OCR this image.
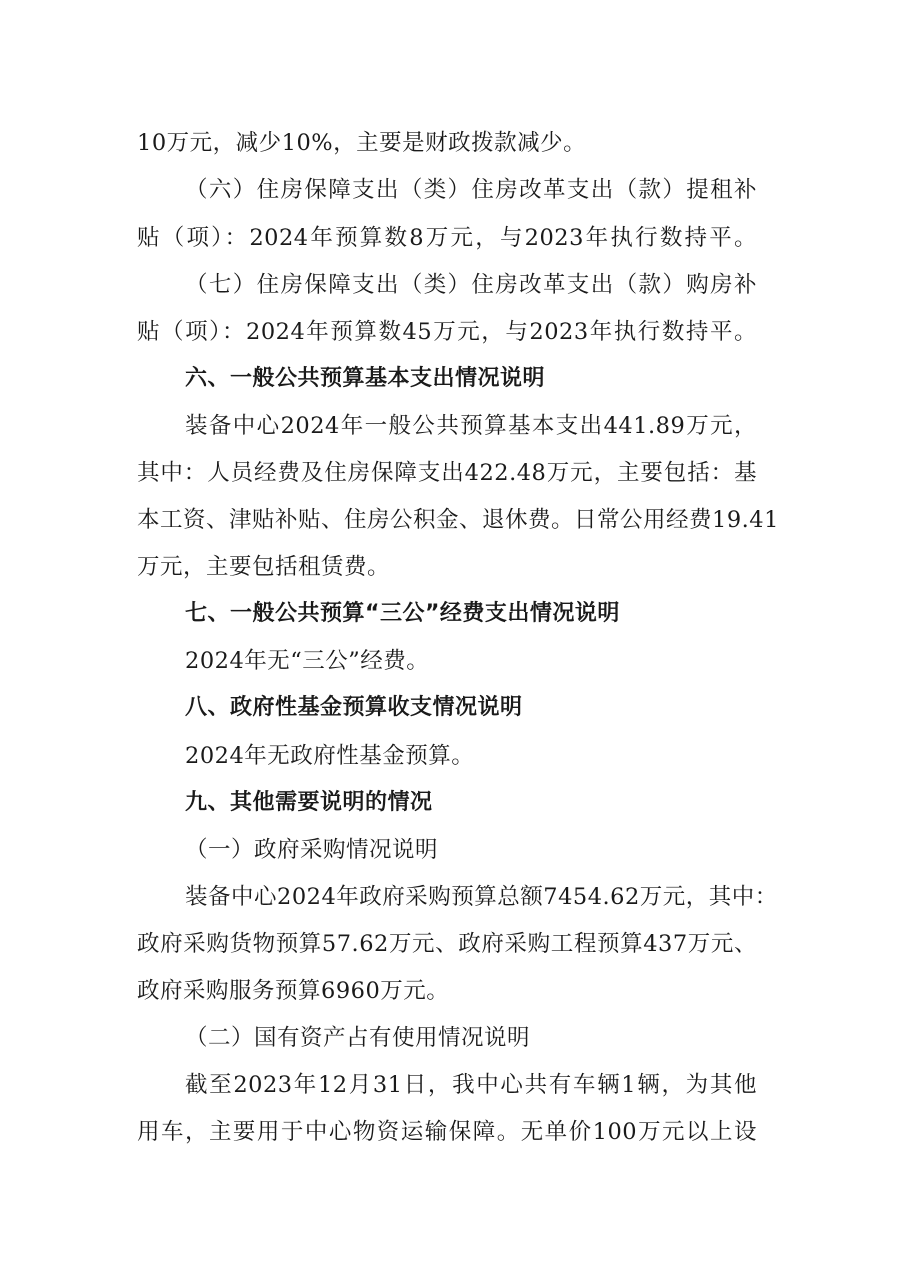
10万元，减少10%，主要是财政拨款减少。
（六）住房保障支出（类）住房改革支出（款）提租补
贴（项）：2024年预算数8万元，与2023年执行数持平。
（七）住房保障支出（类）住房改革支出（款）购房补
贴（项）：2024年预算数45万元，与2023年执行数持平。
六、一般公共预算基本支出情况说明
装备中心2024年一般公共预算基本支出441.89万元，
其中：人员经费及住房保障支出422.48万元，主要包括：基
本工资、津贴补贴、住房公积金、退休费。日常公用经费19.41
万元，主要包括租赁费。
七、一般公共预算“三公”经费支出情况说明
2024年无“三公”经费。
八、政府性基金预算收支情况说明
2024年无政府性基金预算。
九、其他需要说明的情况
（一）政府采购情况说明
装备中心2024年政府采购预算总额7454.62万元，其中：
政府采购货物预算57.62万元、政府采购工程预算437万元、
政府采购服务预算6960万元。
（二）国有资产占有使用情况说明
截至2023年12月31日，我中心共有车辆1辆，为其他
用车，主要用于中心物资运输保障。无单价100万元以上设
